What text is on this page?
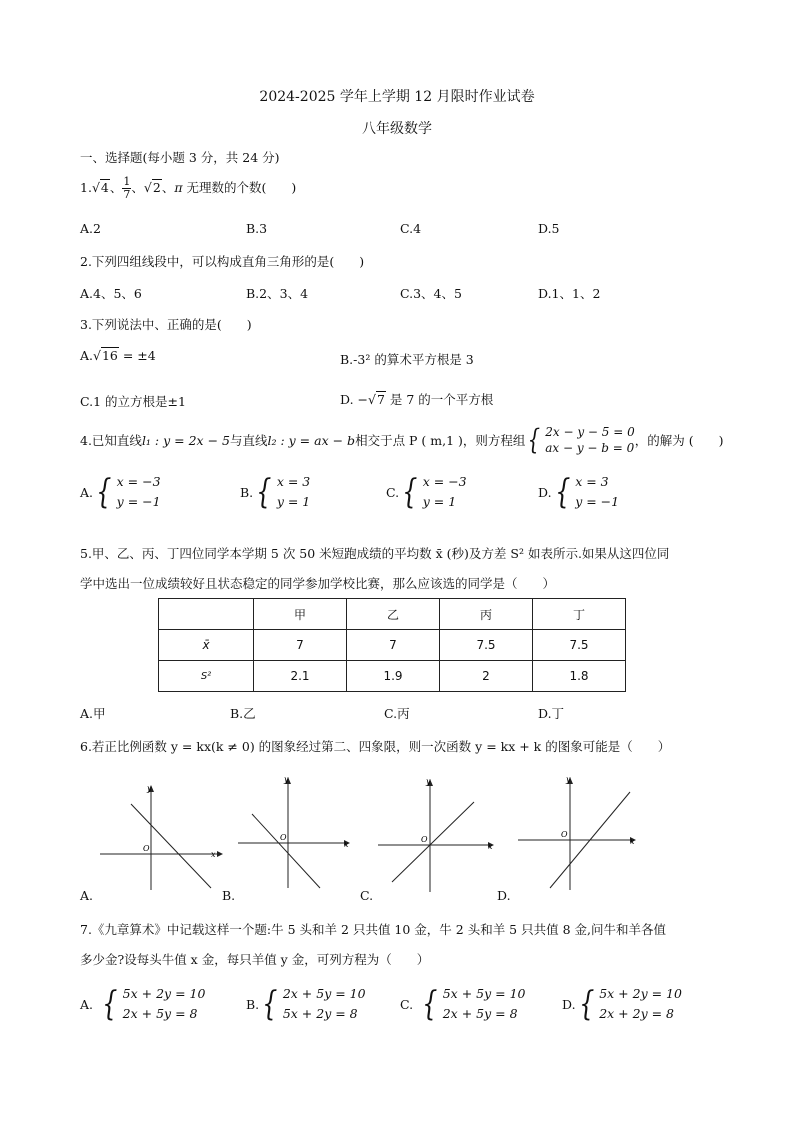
2024-2025 学年上学期 12 月限时作业试卷
八年级数学
一、选择题(每小题 3 分，共 24 分)
1.√4、 $\frac{1}{7}$ 、√2、π 无理数的个数(　　)
A.2	B.3	C.4	D.5
2.下列四组线段中，可以构成直角三角形的是(　　)
A.4、5、6	B.2、3、4	C.3、4、5	D.1、1、2
3.下列说法中、正确的是(　　)
A.√16 = ±4	B.-3² 的算术平方根是 3
C.1 的立方根是±1	D. −√7 是 7 的一个平方根
4.已知直线 l₁ : y = 2x − 5 与直线 l₂ : y = ax − b 相交于点 P ( m,1 )，则方程组 { 2x − y − 5 = 0
ax − y − b = 0 ，的解为 (　　)
A. { x = −3
y = −1
B. { x = 3
y = 1
C. { x = −3
y = 1
D. { x = 3
y = −1
5.甲、乙、丙、丁四位同学本学期 5 次 50 米短跑成绩的平均数 x̄ (秒)及方差 S² 如表所示.如果从这四位同
学中选出一位成绩较好且状态稳定的同学参加学校比赛，那么应该选的同学是（　　）
	甲	乙	丙	丁
x̄	7	7	7.5	7.5
S²	2.1	1.9	2	1.8
A.甲	B.乙	C.丙	D.丁
6.若正比例函数 y = kx(k ≠ 0) 的图象经过第二、四象限，则一次函数 y = kx + k 的图象可能是（　　）
x
y
O
A.
x
y
O
B.
x
y
O
C.
x
y
O
D.
7.《九章算术》中记载这样一个题:牛 5 头和羊 2 只共值 10 金，牛 2 头和羊 5 只共值 8 金,问牛和羊各值
多少金?设每头牛值 x 金，每只羊值 y 金，可列方程为（　　）
A. { 5x + 2y = 10
2x + 5y = 8
B. { 2x + 5y = 10
5x + 2y = 8
C. { 5x + 5y = 10
2x + 5y = 8
D. { 5x + 2y = 10
2x + 2y = 8
